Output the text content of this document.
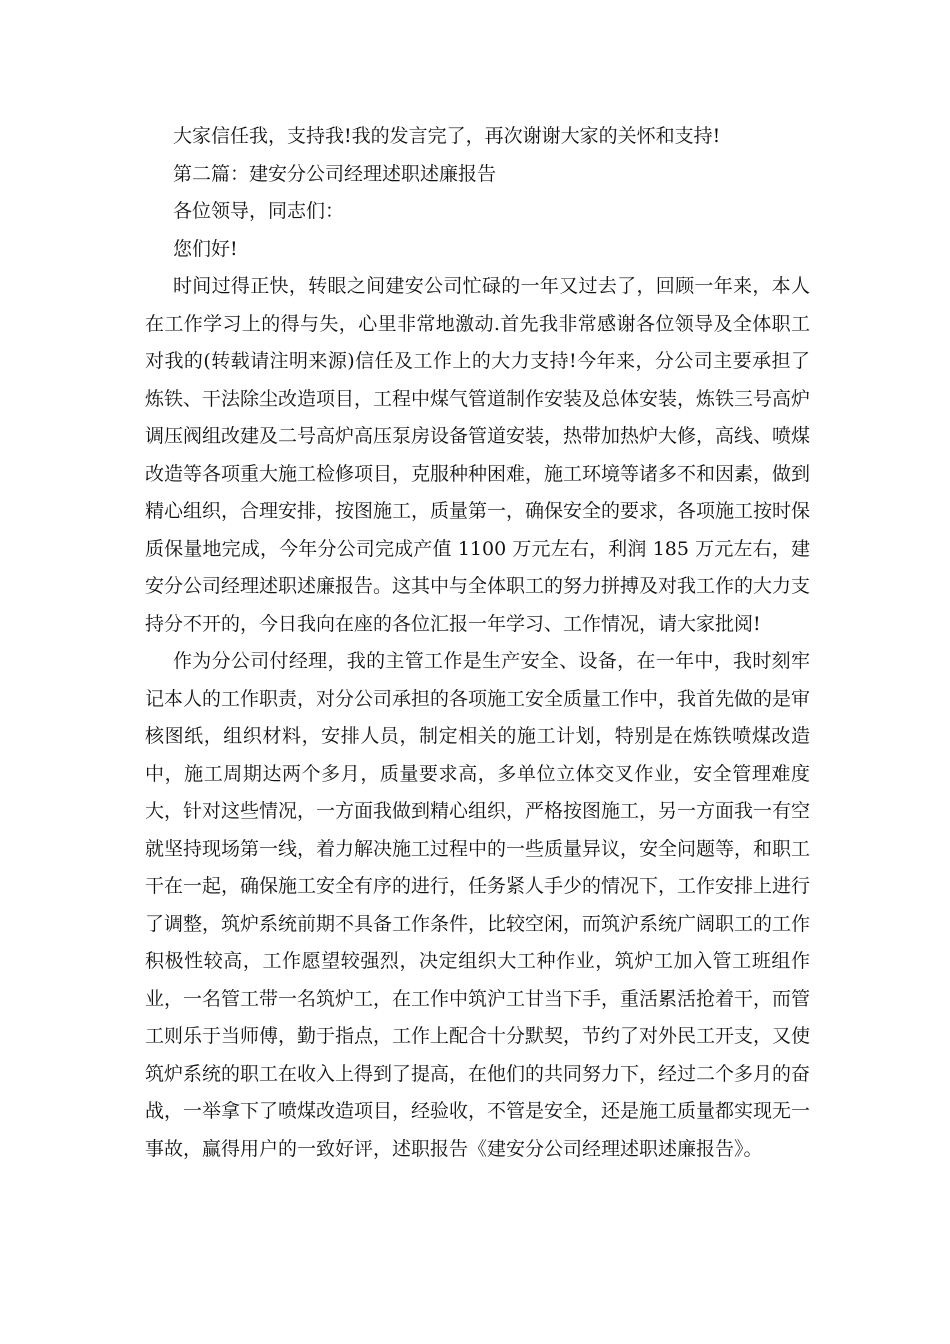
大家信任我，支持我!我的发言完了，再次谢谢大家的关怀和支持!

第二篇：建安分公司经理述职述廉报告

各位领导，同志们：

您们好!

时间过得正快，转眼之间建安公司忙碌的一年又过去了，回顾一年来，本人在工作学习上的得与失，心里非常地激动.首先我非常感谢各位领导及全体职工对我的(转载请注明来源)信任及工作上的大力支持!今年来，分公司主要承担了炼铁、干法除尘改造项目，工程中煤气管道制作安装及总体安装，炼铁三号高炉调压阀组改建及二号高炉高压泵房设备管道安装，热带加热炉大修，高线、喷煤改造等各项重大施工检修项目，克服种种困难，施工环境等诸多不和因素，做到精心组织，合理安排，按图施工，质量第一，确保安全的要求，各项施工按时保质保量地完成，今年分公司完成产值 1100 万元左右，利润 185 万元左右，建安分公司经理述职述廉报告。这其中与全体职工的努力拼搏及对我工作的大力支持分不开的，今日我向在座的各位汇报一年学习、工作情况，请大家批阅!

作为分公司付经理，我的主管工作是生产安全、设备，在一年中，我时刻牢记本人的工作职责，对分公司承担的各项施工安全质量工作中，我首先做的是审核图纸，组织材料，安排人员，制定相关的施工计划，特别是在炼铁喷煤改造中，施工周期达两个多月，质量要求高，多单位立体交叉作业，安全管理难度大，针对这些情况，一方面我做到精心组织，严格按图施工，另一方面我一有空就坚持现场第一线，着力解决施工过程中的一些质量异议，安全问题等，和职工干在一起，确保施工安全有序的进行，任务紧人手少的情况下，工作安排上进行了调整，筑炉系统前期不具备工作条件，比较空闲，而筑沪系统广阔职工的工作积极性较高，工作愿望较强烈，决定组织大工种作业，筑炉工加入管工班组作业，一名管工带一名筑炉工，在工作中筑沪工甘当下手，重活累活抢着干，而管工则乐于当师傅，勤于指点，工作上配合十分默契，节约了对外民工开支，又使筑炉系统的职工在收入上得到了提高，在他们的共同努力下，经过二个多月的奋战，一举拿下了喷煤改造项目，经验收，不管是安全，还是施工质量都实现无一事故，赢得用户的一致好评，述职报告《建安分公司经理述职述廉报告》。
